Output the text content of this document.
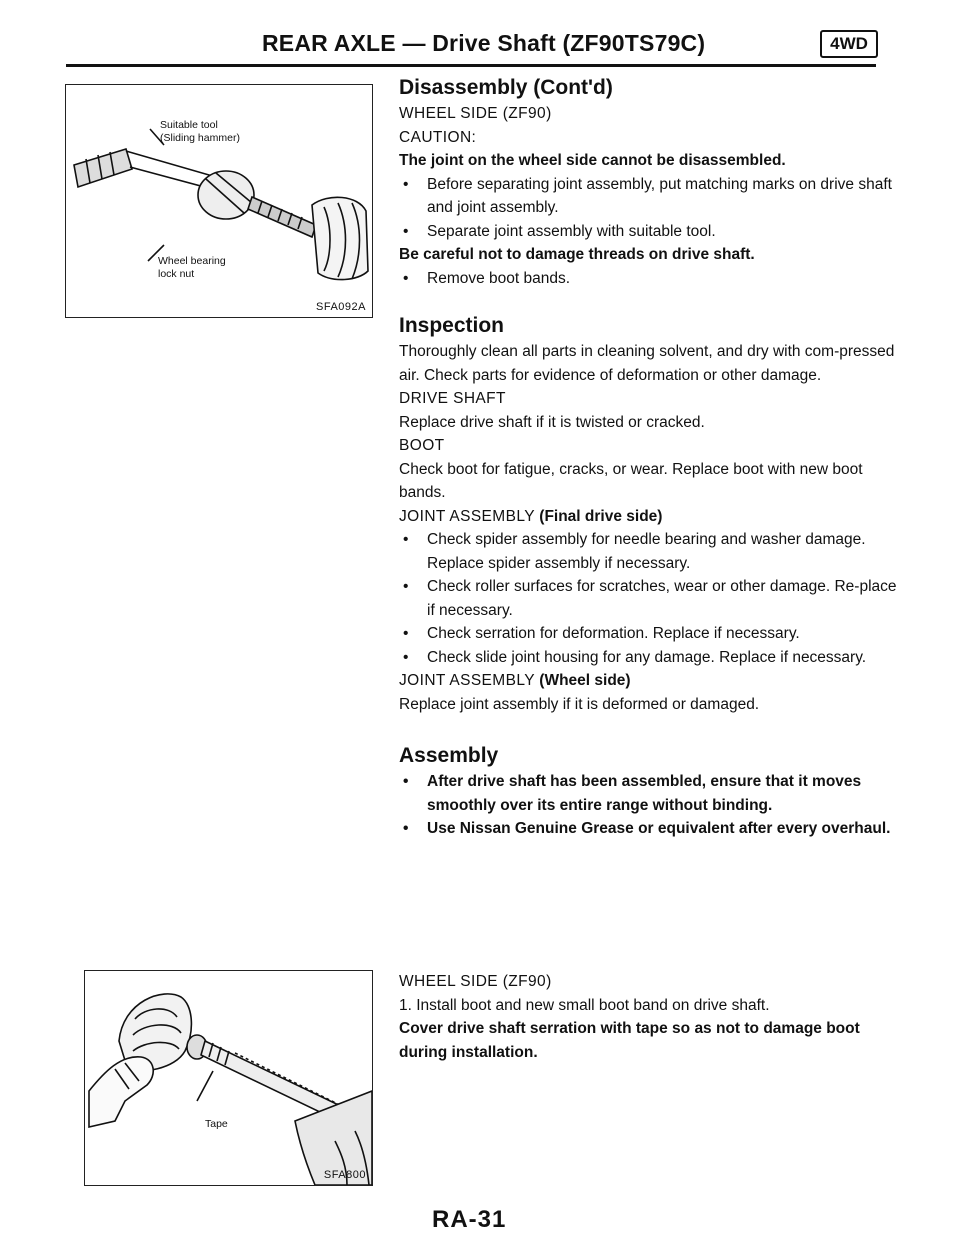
REAR AXLE — Drive Shaft (ZF90TS79C)	4WD
Suitable tool
(Sliding hammer)
Wheel bearing
lock nut
SFA092A
Tape
SFA800
Disassembly (Cont'd)
WHEEL SIDE (ZF90)
CAUTION:
The joint on the wheel side cannot be disassembled.
• Before separating joint assembly, put matching marks on drive shaft and joint assembly.
• Separate joint assembly with suitable tool.
Be careful not to damage threads on drive shaft.
• Remove boot bands.
Inspection
Thoroughly clean all parts in cleaning solvent, and dry with com-pressed air. Check parts for evidence of deformation or other damage.
DRIVE SHAFT
Replace drive shaft if it is twisted or cracked.
BOOT
Check boot for fatigue, cracks, or wear. Replace boot with new boot bands.
JOINT ASSEMBLY (Final drive side)
• Check spider assembly for needle bearing and washer damage. Replace spider assembly if necessary.
• Check roller surfaces for scratches, wear or other damage. Re-place if necessary.
• Check serration for deformation. Replace if necessary.
• Check slide joint housing for any damage. Replace if necessary.
JOINT ASSEMBLY (Wheel side)
Replace joint assembly if it is deformed or damaged.
Assembly
• After drive shaft has been assembled, ensure that it moves smoothly over its entire range without binding.
• Use Nissan Genuine Grease or equivalent after every overhaul.
WHEEL SIDE (ZF90)
1. Install boot and new small boot band on drive shaft.
Cover drive shaft serration with tape so as not to damage boot during installation.
RA-31
